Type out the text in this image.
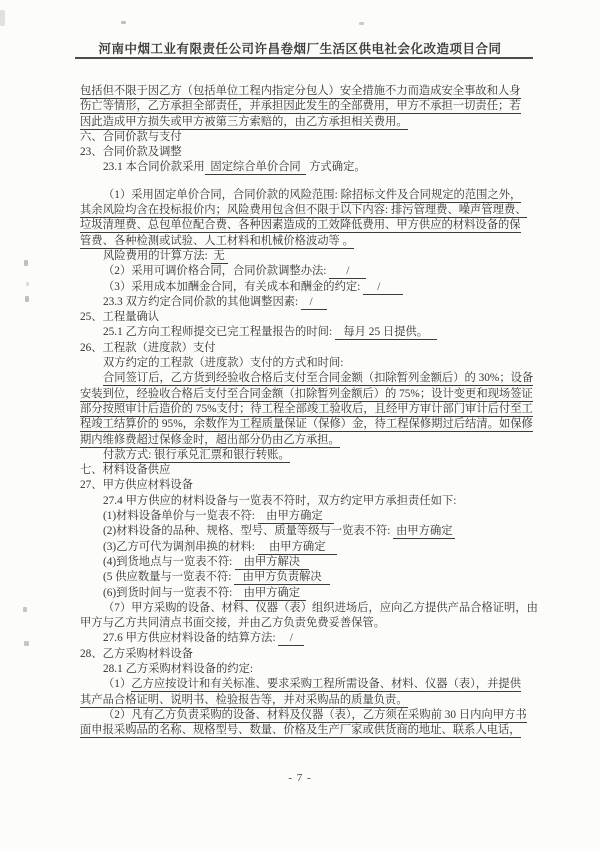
河南中烟工业有限责任公司许昌卷烟厂生活区供电社会化改造项目合同
包括但不限于因乙方（包括单位工程内指定分包人）安全措施不力而造成安全事故和人身
伤亡等情形，乙方承担全部责任，并承担因此发生的全部费用，甲方不承担一切责任；若
因此造成甲方损失或甲方被第三方索赔的，由乙方承担相关费用。
六、合同价款与支付
23、合同价款及调整
23.1 本合同价款采用  固定综合单价合同   方式确定。
（1）采用固定单价合同，合同价款的风险范围: 除招标文件及合同规定的范围之外，
其余风险均含在投标报价内；风险费用包含但不限于以下内容: 排污管理费、噪声管理费、
垃圾清理费、总包单位配合费、各种因素造成的工效降低费用、甲方供应的材料设备的保
管费、各种检测或试验、人工材料和机械价格波动等 。
风险费用的计算方法:  无
（2）采用可调价格合同，合同价款调整办法:       /
（3）采用成本加酬金合同，有关成本和酬金的约定:      /
23.3 双方约定合同价款的其他调整因素:    /
25、工程量确认
25.1 乙方向工程师提交已完工程量报告的时间:    每月 25 日提供。
26、工程款（进度款）支付
双方约定的工程款（进度款）支付的方式和时间:
合同签订后，乙方货到经验收合格后支付至合同金额（扣除暂列金额后）的 30%；设备
安装到位，经验收合格后支付至合同金额（扣除暂列金额后）的 75%；设计变更和现场签证
部分按照审计后造价的 75%支付；待工程全部竣工验收后，且经甲方审计部门审计后付至工
程竣工结算价的 95%，余数作为工程质量保证（保修）金，待工程保修期过后结清。如保修
期内维修费超过保修金时，超出部分仍由乙方承担。
付款方式: 银行承兑汇票和银行转账。
七、材料设备供应
27、甲方供应材料设备
27.4 甲方供应的材料设备与一览表不符时，双方约定甲方承担责任如下:
(1)材料设备单价与一览表不符:    由甲方确定
(2)材料设备的品种、规格、型号、质量等级与一览表不符:  由甲方确定
(3)乙方可代为调剂串换的材料:     由甲方确定
(4)到货地点与一览表不符:    由甲方解决
(5 供应数量与一览表不符:    由甲方负责解决
(6)到货时间与一览表不符:    由甲方确定
（7）甲方采购的设备、材料、仪器（表）组织进场后，应向乙方提供产品合格证明，由
甲方与乙方共同清点书面交接，并由乙方负责免费妥善保管。
27.6 甲方供应材料设备的结算方法:     /
28、乙方采购材料设备
28.1 乙方采购材料设备的约定:
（1）乙方应按设计和有关标准、要求采购工程所需设备、材料、仪器（表），并提供
其产品合格证明、说明书、检验报告等，并对采购品的质量负责。
（2）凡有乙方负责采购的设备、材料及仪器（表），乙方须在采购前 30 日内向甲方书
面申报采购品的名称、规格型号、数量、价格及生产厂家或供货商的地址、联系人电话，
- 7 -
